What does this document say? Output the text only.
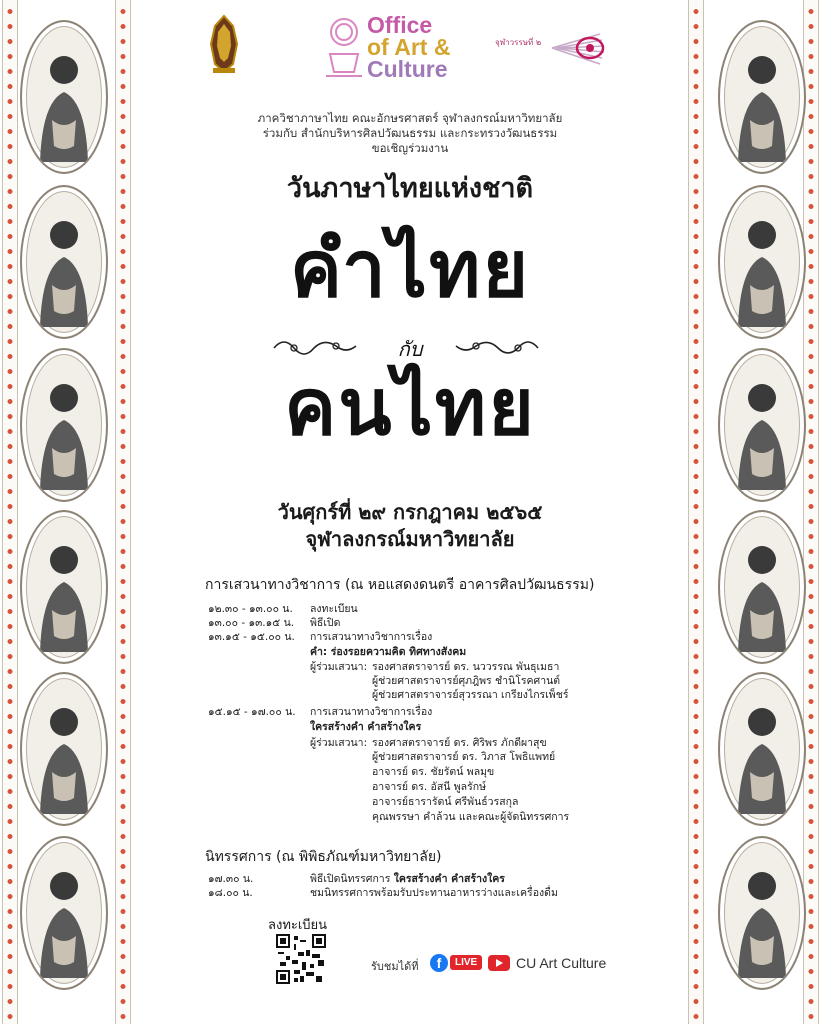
Office
of Art &
Culture
จุฬาวรรษที่ ๒
ภาควิชาภาษาไทย คณะอักษรศาสตร์ จุฬาลงกรณ์มหาวิทยาลัย
ร่วมกับ สำนักบริหารศิลปวัฒนธรรม และกระทรวงวัฒนธรรม
ขอเชิญร่วมงาน
วันภาษาไทยแห่งชาติ
คำไทย
กับ
คนไทย
วันศุกร์ที่ ๒๙ กรกฎาคม ๒๕๖๕
จุฬาลงกรณ์มหาวิทยาลัย
การเสวนาทางวิชาการ (ณ หอแสดงดนตรี อาคารศิลปวัฒนธรรม)
๑๒.๓๐ - ๑๓.๐๐ น. ลงทะเบียน
๑๓.๐๐ - ๑๓.๑๕ น. พิธีเปิด
๑๓.๑๕ - ๑๕.๐๐ น. การเสวนาทางวิชาการเรื่อง
คำ: ร่องรอยความคิด ทิศทางสังคม
ผู้ร่วมเสวนา: รองศาสตราจารย์ ดร. นววรรณ พันธุเมธา
ผู้ช่วยศาสตราจารย์ศุภฎิพร ชำนิโรคศานต์
ผู้ช่วยศาสตราจารย์สุวรรณา เกรียงไกรเพ็ชร์
๑๕.๑๕ - ๑๗.๐๐ น. การเสวนาทางวิชาการเรื่อง
ใครสร้างคำ คำสร้างใคร
ผู้ร่วมเสวนา: รองศาสตราจารย์ ดร. ศิริพร ภักดีผาสุข
ผู้ช่วยศาสตราจารย์ ดร. วิภาส โพธิแพทย์
อาจารย์ ดร. ชัยรัตน์ พลมุข
อาจารย์ ดร. อัสนี พูลรักษ์
อาจารย์ธารารัตน์ ศรีพันธ์วรสกุล
คุณพรรษา คำล้วน และคณะผู้จัดนิทรรศการ
นิทรรศการ (ณ พิพิธภัณฑ์มหาวิทยาลัย)
๑๗.๓๐ น.	พิธีเปิดนิทรรศการ ใครสร้างคำ คำสร้างใคร
๑๘.๐๐ น.	ชมนิทรรศการพร้อมรับประทานอาหารว่างและเครื่องดื่ม
ลงทะเบียน
รับชมได้ที่	f	LIVE	CU Art Culture
